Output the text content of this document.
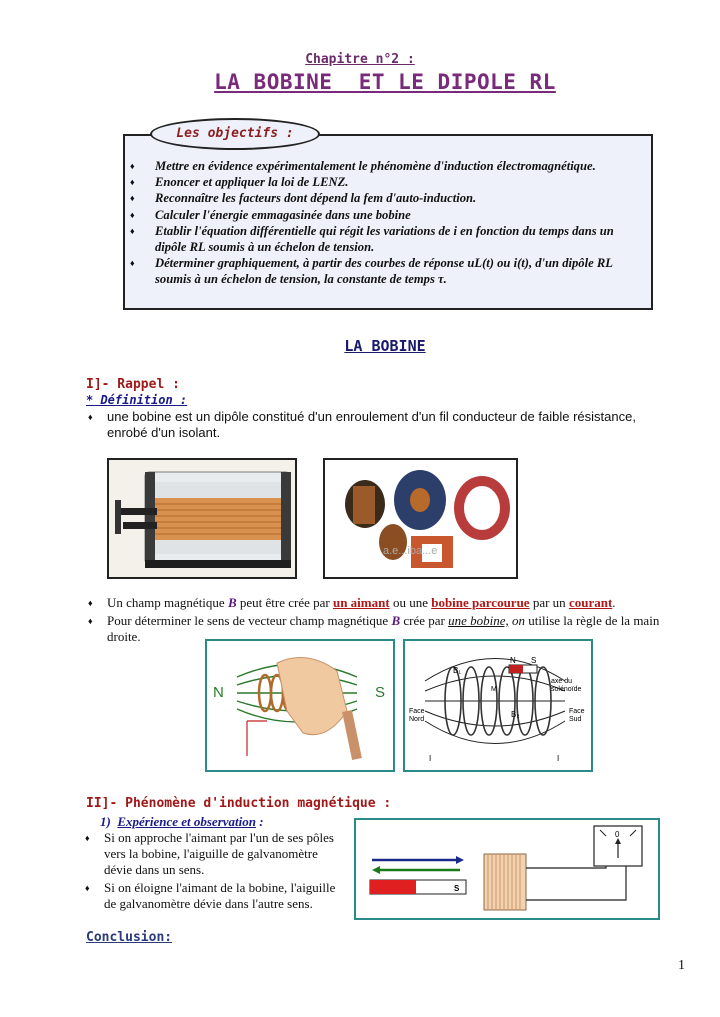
Chapitre n°2 :
LA BOBINE  ET LE DIPOLE RL
Les objectifs :
♦ Mettre en évidence expérimentalement le phénomène d'induction électromagnétique.
♦ Enoncer et appliquer la loi de LENZ.
♦ Reconnaître les facteurs dont dépend la fem d'auto-induction.
♦ Calculer l'énergie emmagasinée dans une bobine
♦ Etablir l'équation différentielle qui régit les variations de i en fonction du temps dans un dipôle RL soumis à un échelon de tension.
♦ Déterminer graphiquement, à partir des courbes de réponse uL(t) ou i(t), d'un dipôle RL soumis à un échelon de tension, la constante de temps τ.
LA BOBINE
I]- Rappel :
* Définition :
♦ une bobine est un dipôle constitué d'un enroulement d'un fil conducteur de faible résistance, enrobé d'un isolant.
a.e...iba...e
♦ Un champ magnétique B peut être crée par un aimant ou une bobine parcourue par un courant.
♦ Pour déterminer le sens de vecteur champ magnétique B crée par une bobine, on utilise la règle de la main droite.
N	S
N S
B₁
B₂
M
axe du
solénoïde
Face
Nord
Face
Sud
I	I
II]- Phénomène d'induction magnétique :
1) Expérience et observation :
♦ Si on approche l'aimant par l'un de ses pôles vers la bobine, l'aiguille de galvanomètre dévie dans un sens.
♦ Si on éloigne l'aimant de la bobine, l'aiguille de galvanomètre dévie dans l'autre sens.
Conclusion:
S
0
1
